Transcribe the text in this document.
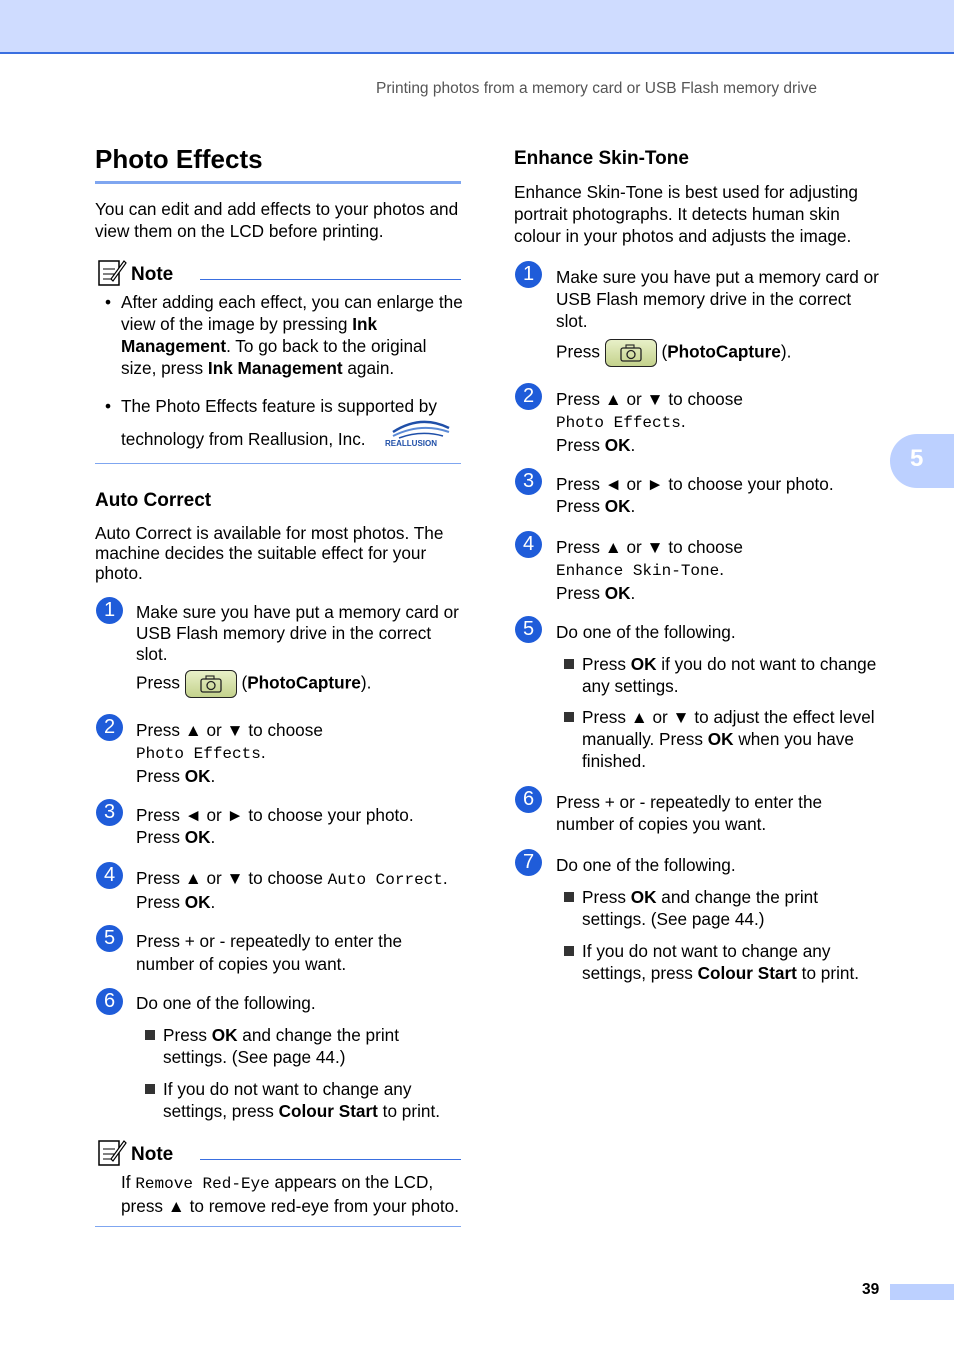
Printing photos from a memory card or USB Flash memory drive
Photo Effects
You can edit and add effects to your photos and view them on the LCD before printing.
Note
• After adding each effect, you can enlarge the view of the image by pressing Ink Management. To go back to the original size, press Ink Management again.
• The Photo Effects feature is supported by technology from Reallusion, Inc.	REALLUSION
Auto Correct
Auto Correct is available for most photos. The machine decides the suitable effect for your photo.
1	Make sure you have put a memory card or USB Flash memory drive in the correct slot.
Press	(PhotoCapture).
2	Press ▲ or ▼ to choose
Photo Effects.
Press OK.
3	Press ◄ or ► to choose your photo.
Press OK.
4	Press ▲ or ▼ to choose Auto Correct.
Press OK.
5	Press + or - repeatedly to enter the number of copies you want.
6	Do one of the following.
Press OK and change the print settings. (See page 44.)
If you do not want to change any settings, press Colour Start to print.
Note
If Remove Red-Eye appears on the LCD, press ▲ to remove red-eye from your photo.
Enhance Skin-Tone
Enhance Skin-Tone is best used for adjusting portrait photographs. It detects human skin colour in your photos and adjusts the image.
1	Make sure you have put a memory card or USB Flash memory drive in the correct slot.
Press	(PhotoCapture).
2	Press ▲ or ▼ to choose
Photo Effects.
Press OK.
3	Press ◄ or ► to choose your photo.
Press OK.
4	Press ▲ or ▼ to choose
Enhance Skin-Tone.
Press OK.
5	Do one of the following.
Press OK if you do not want to change any settings.
Press ▲ or ▼ to adjust the effect level manually. Press OK when you have finished.
6	Press + or - repeatedly to enter the number of copies you want.
7	Do one of the following.
Press OK and change the print settings. (See page 44.)
If you do not want to change any settings, press Colour Start to print.
5
39
